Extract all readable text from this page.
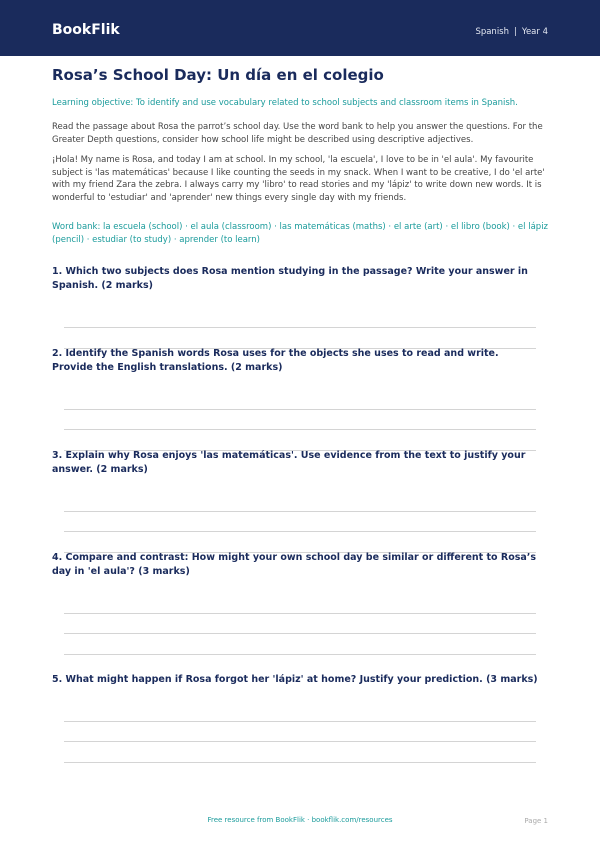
BookFlik	Spanish | Year 4
Rosa’s School Day: Un día en el colegio

Learning objective: To identify and use vocabulary related to school subjects and classroom items in Spanish.

Read the passage about Rosa the parrot’s school day. Use the word bank to help you answer the questions. For the Greater Depth questions, consider how school life might be described using descriptive adjectives.

¡Hola! My name is Rosa, and today I am at school. In my school, 'la escuela', I love to be in 'el aula'. My favourite subject is 'las matemáticas' because I like counting the seeds in my snack. When I want to be creative, I do 'el arte' with my friend Zara the zebra. I always carry my 'libro' to read stories and my 'lápiz' to write down new words. It is wonderful to 'estudiar' and 'aprender' new things every single day with my friends.

Word bank: la escuela (school) · el aula (classroom) · las matemáticas (maths) · el arte (art) · el libro (book) · el lápiz (pencil) · estudiar (to study) · aprender (to learn)

1. Which two subjects does Rosa mention studying in the passage? Write your answer in Spanish. (2 marks)

2. Identify the Spanish words Rosa uses for the objects she uses to read and write. Provide the English translations. (2 marks)

3. Explain why Rosa enjoys 'las matemáticas'. Use evidence from the text to justify your answer. (2 marks)

4. Compare and contrast: How might your own school day be similar or different to Rosa’s day in 'el aula'? (3 marks)

5. What might happen if Rosa forgot her 'lápiz' at home? Justify your prediction. (3 marks)

Free resource from BookFlik · bookflik.com/resources	Page 1
